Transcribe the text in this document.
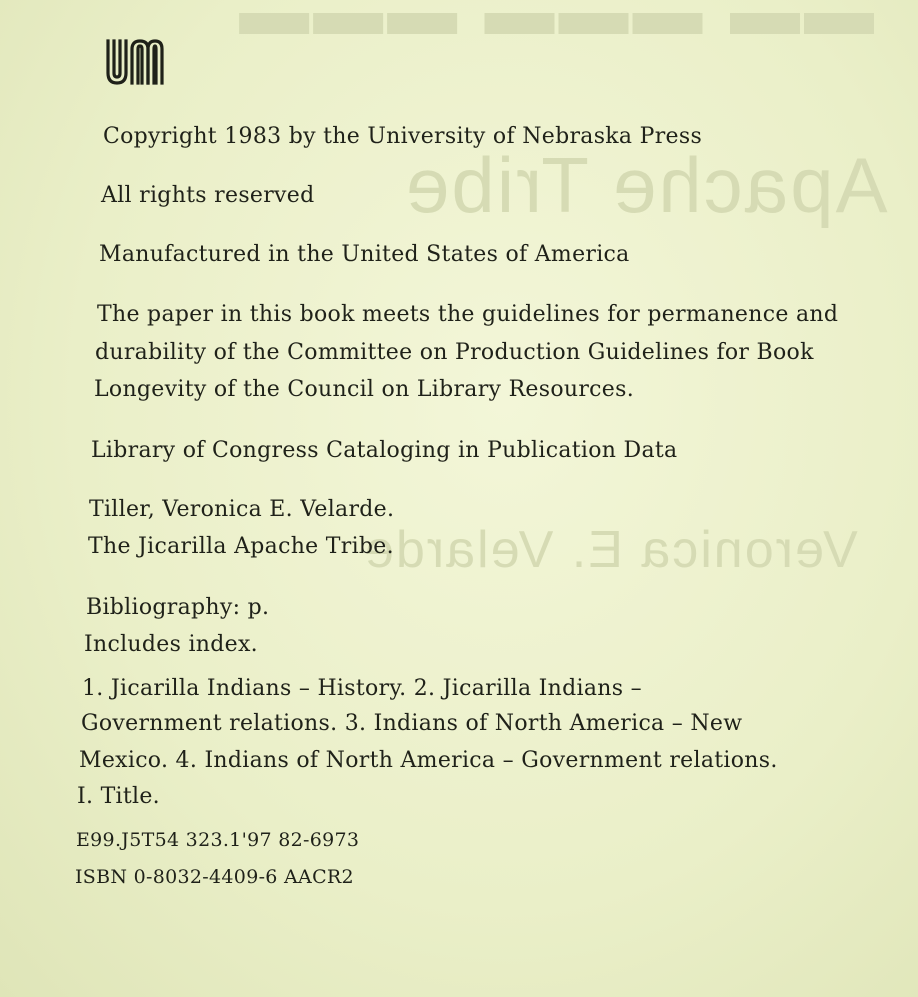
▬▬▬ ▬▬▬ ▬▬
Apache Tribe
Veronica E. Velarde
Copyright 1983 by the University of Nebraska Press
All rights reserved
Manufactured in the United States of America
The paper in this book meets the guidelines for permanence and
durability of the Committee on Production Guidelines for Book
Longevity of the Council on Library Resources.
Library of Congress Cataloging in Publication Data
Tiller, Veronica E. Velarde.
The Jicarilla Apache Tribe.
Bibliography: p.
Includes index.
1. Jicarilla Indians – History. 2. Jicarilla Indians –
Government relations. 3. Indians of North America – New
Mexico. 4. Indians of North America – Government relations.
I. Title.
E99.J5T54 323.1'97 82-6973
ISBN 0-8032-4409-6 AACR2
